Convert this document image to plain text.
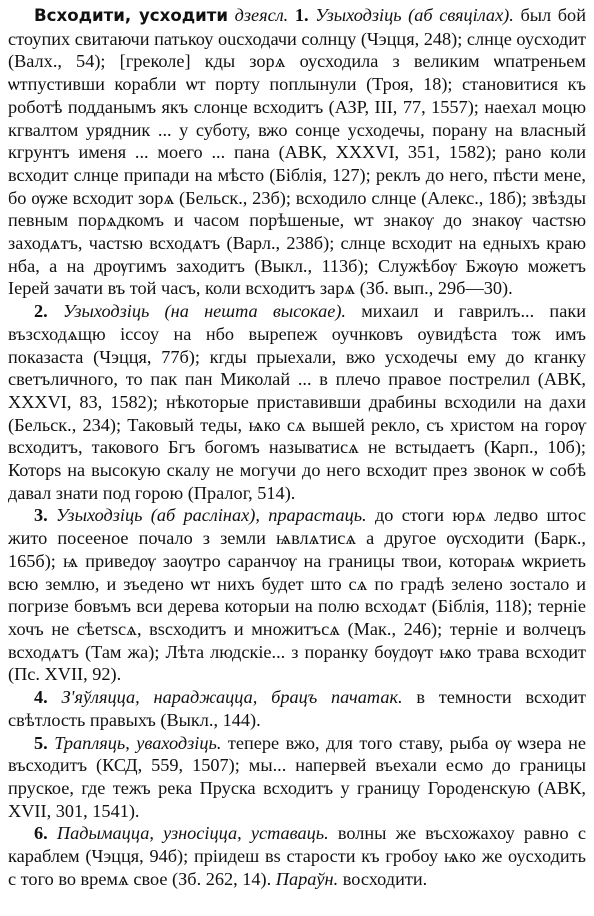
Всходити, усходити дзеясл. 1. Узыходзіць (аб свяцілах). был бой стоупих свитаючи патькоу ouсходачи солнцу (Чэцця, 248); слнце оусходит (Валх., 54); [греколе] кды зорѧ оусходила з великим ѡпатреньем ѡтпустивши корабли ѡт порту поплынули (Троя, 18); становитися къ роботѣ подданымъ якъ слонце всходитъ (АЗР, III, 77, 1557); наехал моцю кгвалтом урядник ... у суботу, вжо сонце усходечы, порану на власный кгрунтъ именя ... моего ... пана (АВК, XXXVI, 351, 1582); рано коли всходит слнце припади на мѣсто (Біблія, 127); реклъ до него, пѣсти мене, бо ѹже всходит зорѧ (Бельск., 23б); всходило слнце (Алекс., 18б); звѣзды певным порѧдкомъ и часом порѣшеные, ѡт знакѹ до знакѹ частѕю заходѧтъ, частѕю всходѧтъ (Варл., 238б); слнце всходит на едныхъ краю нба, а на дрѹгимъ заходитъ (Выкл., 113б); Служѣбѹ Бжѹю можетъ Іерей зачати въ той часъ, коли всходитъ зарѧ (Зб. вып., 29б—30).

2. Узыходзіць (на нешта высокае). михаил и гаврилъ... паки възсходѧщю іссоу на нбо вырепеж оучнковъ оувидѣста тож имъ показаста (Чэцця, 77б); кгды прыехали, вжо усходечы ему до кганку светъличного, то пак пан Миколай ... в плечо правое пострелил (АВК, XXXVI, 83, 1582); нѣкоторые приставивши драбины всходили на дахи (Бельск., 234); Таковый теды, ѩко сѧ вышей рекло, съ христом на горѹ всходитъ, такового Бгъ богомъ называтисѧ не встыдаетъ (Карп., 10б); Которѕ на высокую скалу не могучи до него всходит през звонок ѡ собѣ давал знати под горою (Пралог, 514).

3. Узыходзіць (аб раслінах), прарастаць. до стоги юрѧ ледво штос жито посееное почало з земли ѩвлѧтисѧ а другое ѹсходити (Барк., 165б); ѩ приведѹ заѹтро саранчѹ на границы твои, котораѩ ѡкриеть всю землю, и зъедено ѡт нихъ будет што сѧ по градѣ зелено зостало и погризе бовъмъ вси дерева которыи на полю всходѧт (Біблія, 118); терніе хочъ не сѣетѕсѧ, вѕсходитъ и множитъсѧ (Мак., 246); терніе и волчецъ всходѧтъ (Там жа); Лѣта людскіе... з поранку бѹдѹт ѩко трава всходит (Пс. XVII, 92).

4. З'яўляцца, нараджацца, брацъ пачатак. в темности всходит свѣтлость правыхъ (Выкл., 144).

5. Трапляць, уваходзіць. тепере вжо, для того ставу, рыба ѹ ѡзера не въсходитъ (КСД, 559, 1507); мы... напервей въехали есмо до границы пруское, где тежъ река Пруска всходитъ у границу Городенскую (АВК, XVII, 301, 1541).

6. Падымацца, узносіцца, уставаць. волны же въсхожахоу равно с караблем (Чэцця, 94б); пріидеш вѕ старости къ гробоу ѩко же оусходить с того во времѧ свое (Зб. 262, 14). Параўн. восходити.
